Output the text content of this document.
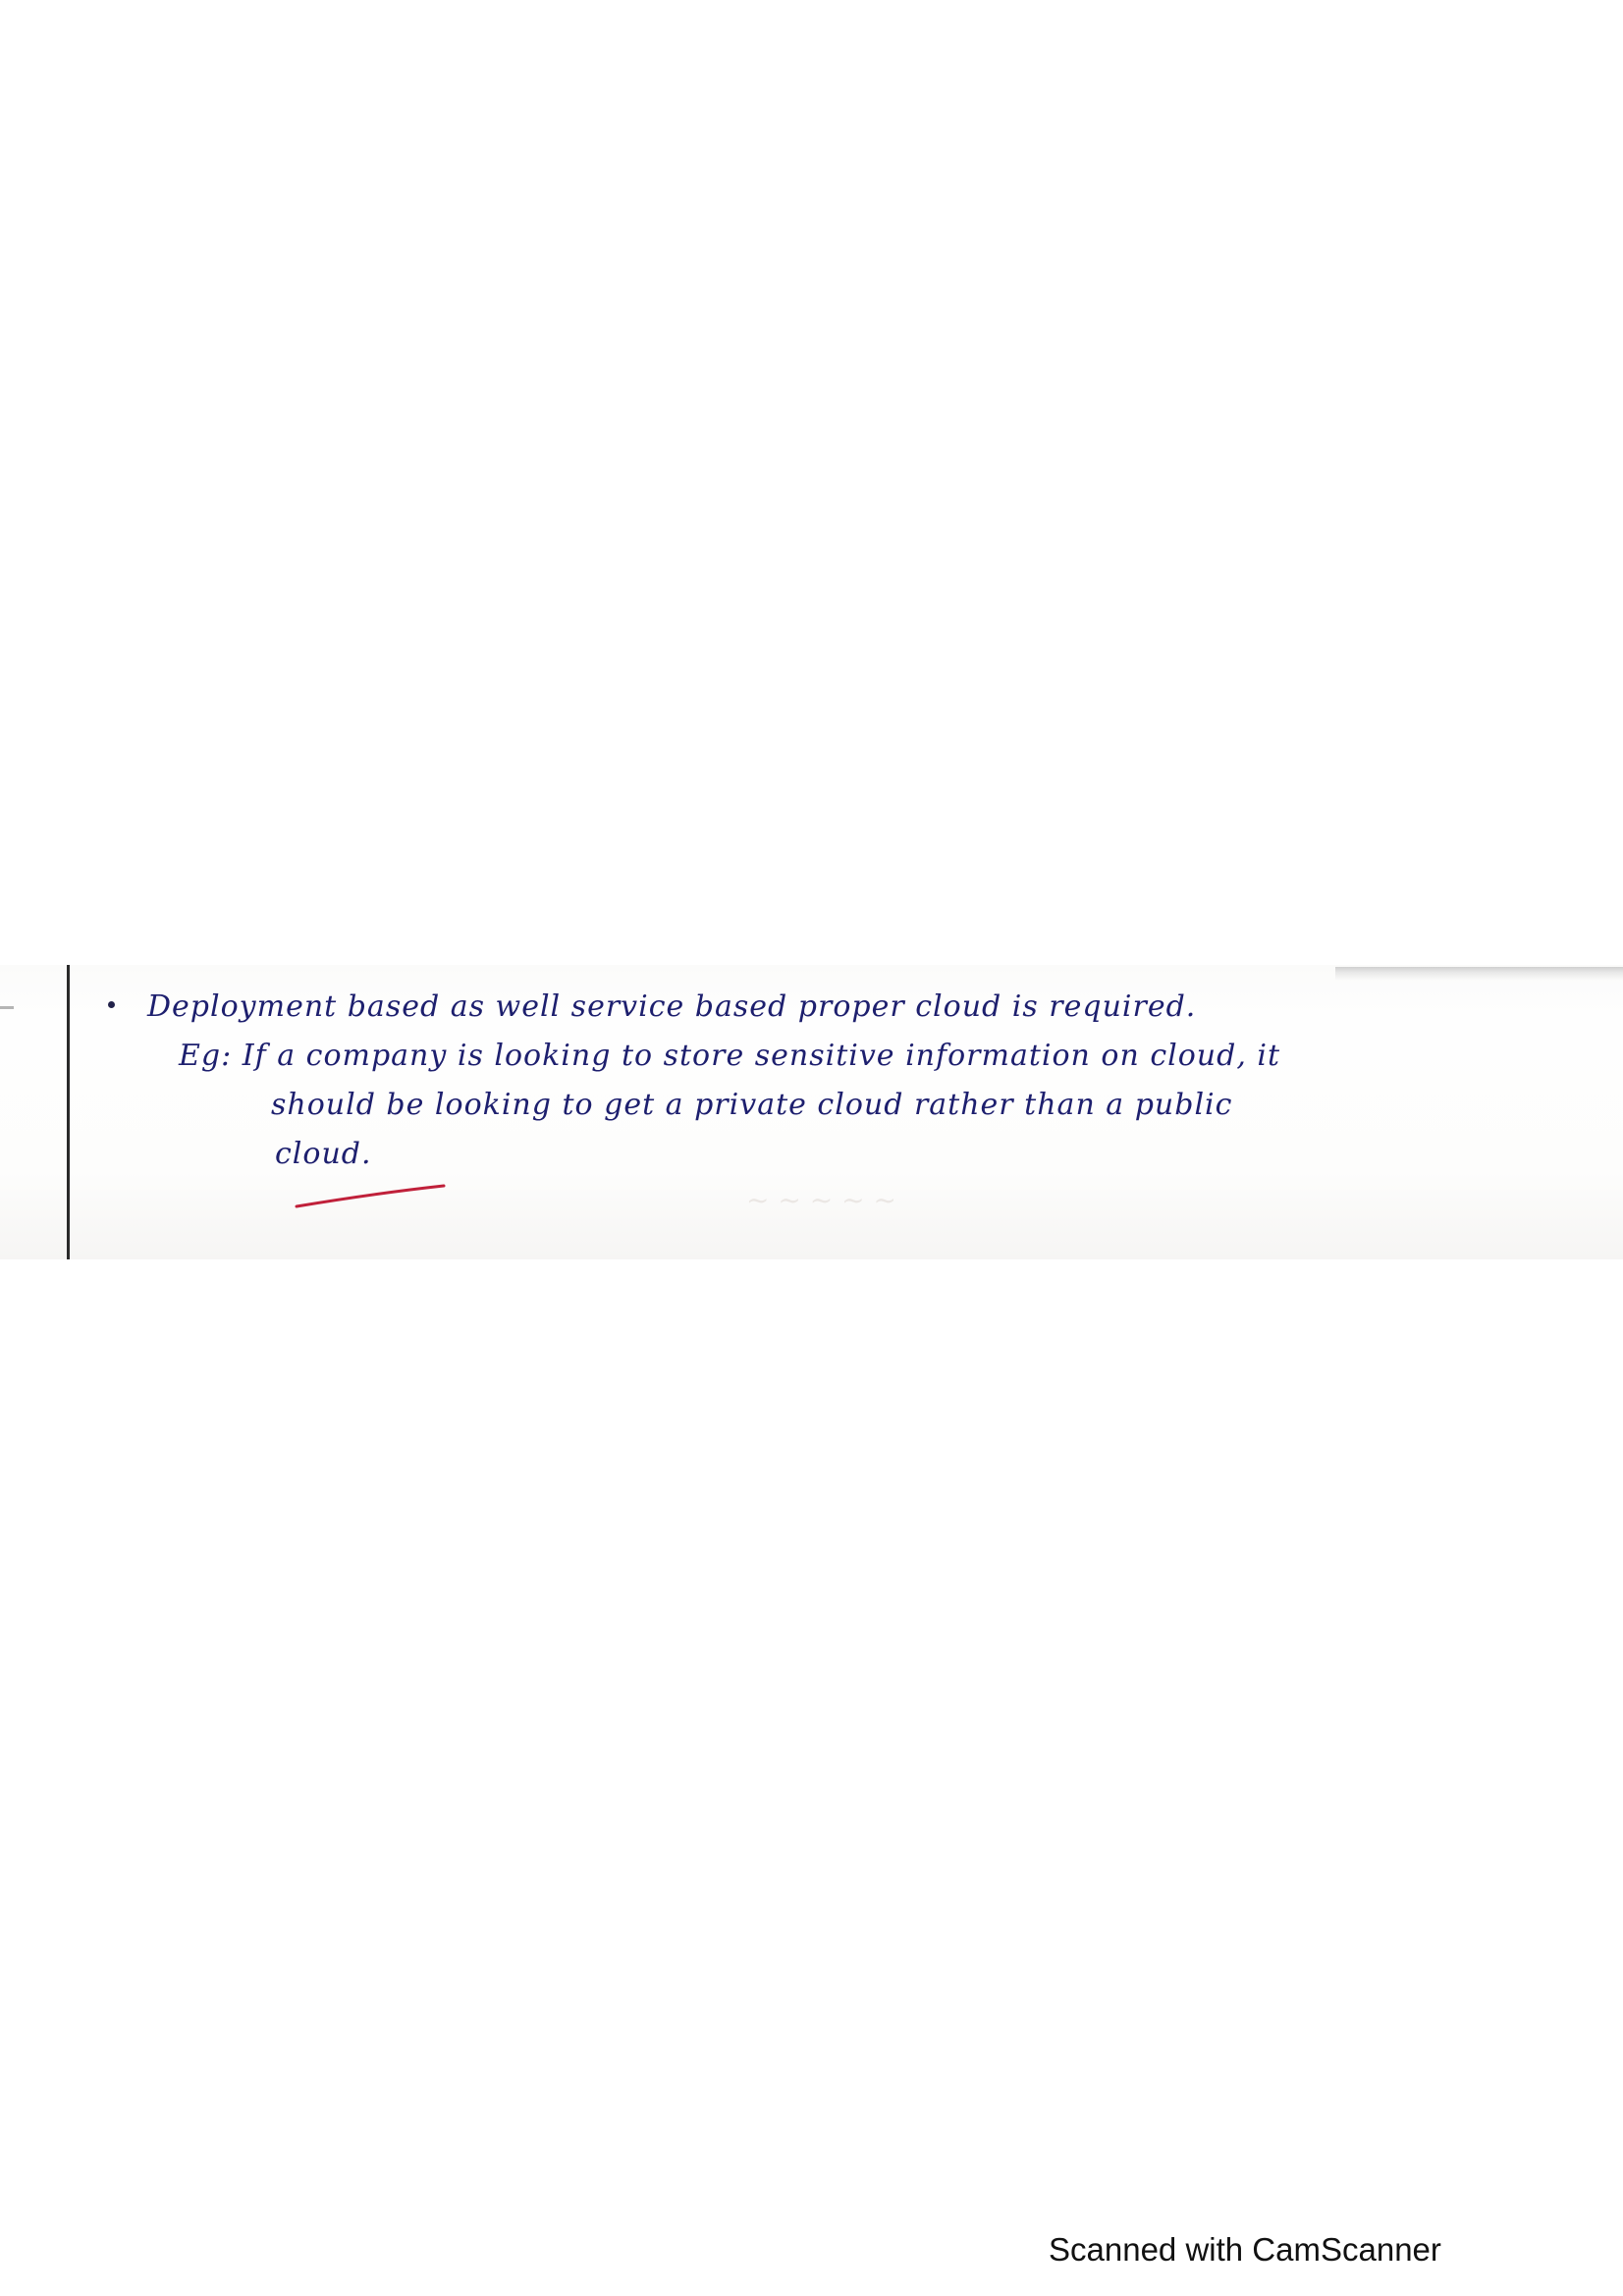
Deployment based as well service based proper cloud is required.

Eg: If a company is looking to store sensitive information on cloud, it

should be looking to get a private cloud rather than a public

cloud.

~ ~ ~ ~ ~

Scanned with CamScanner
